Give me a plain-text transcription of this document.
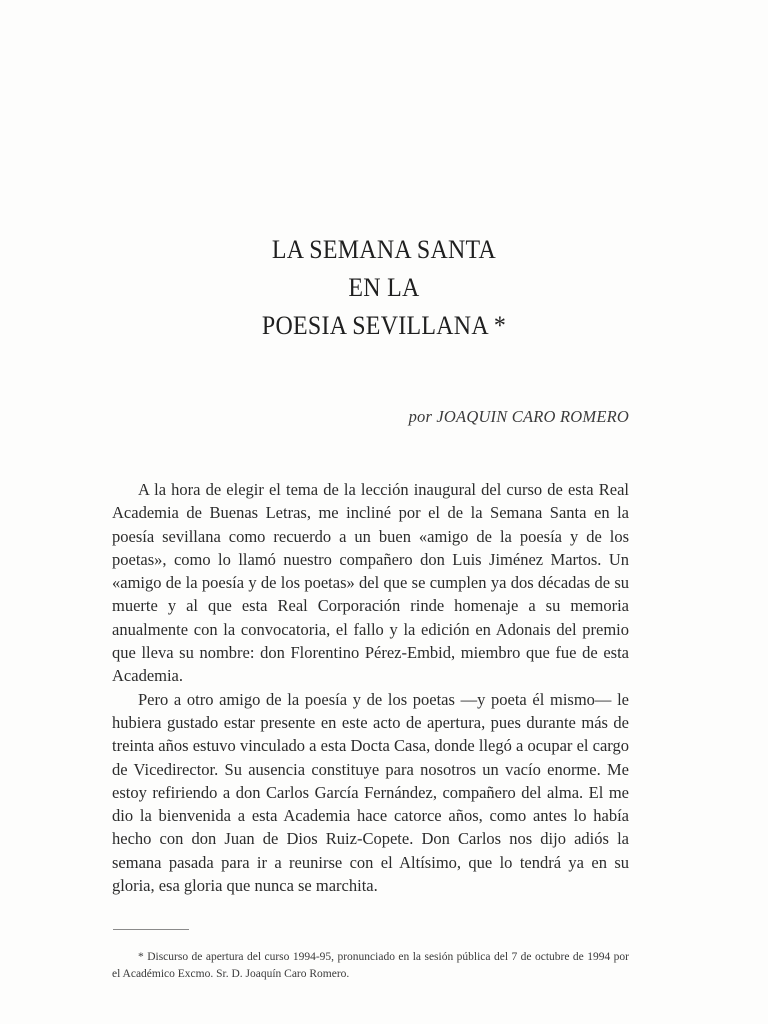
LA SEMANA SANTA
EN LA
POESIA SEVILLANA *
por JOAQUIN CARO ROMERO

A la hora de elegir el tema de la lección inaugural del curso de esta Real Academia de Buenas Letras, me incliné por el de la Semana Santa en la poesía sevillana como recuerdo a un buen «amigo de la poesía y de los poetas», como lo llamó nuestro compañero don Luis Jiménez Martos. Un «amigo de la poesía y de los poetas» del que se cumplen ya dos décadas de su muerte y al que esta Real Corporación rinde homenaje a su memoria anualmente con la convocatoria, el fallo y la edición en Adonais del premio que lleva su nombre: don Florentino Pérez-Embid, miembro que fue de esta Academia.

Pero a otro amigo de la poesía y de los poetas —y poeta él mismo— le hubiera gustado estar presente en este acto de apertura, pues durante más de treinta años estuvo vinculado a esta Docta Casa, donde llegó a ocupar el cargo de Vicedirector. Su ausencia constituye para nosotros un vacío enorme. Me estoy refiriendo a don Carlos García Fernández, compañero del alma. El me dio la bienvenida a esta Academia hace catorce años, como antes lo había hecho con don Juan de Dios Ruiz-Copete. Don Carlos nos dijo adiós la semana pasada para ir a reunirse con el Altísimo, que lo tendrá ya en su gloria, esa gloria que nunca se marchita.

* Discurso de apertura del curso 1994-95, pronunciado en la sesión pública del 7 de octubre de 1994 por el Académico Excmo. Sr. D. Joaquín Caro Romero.
